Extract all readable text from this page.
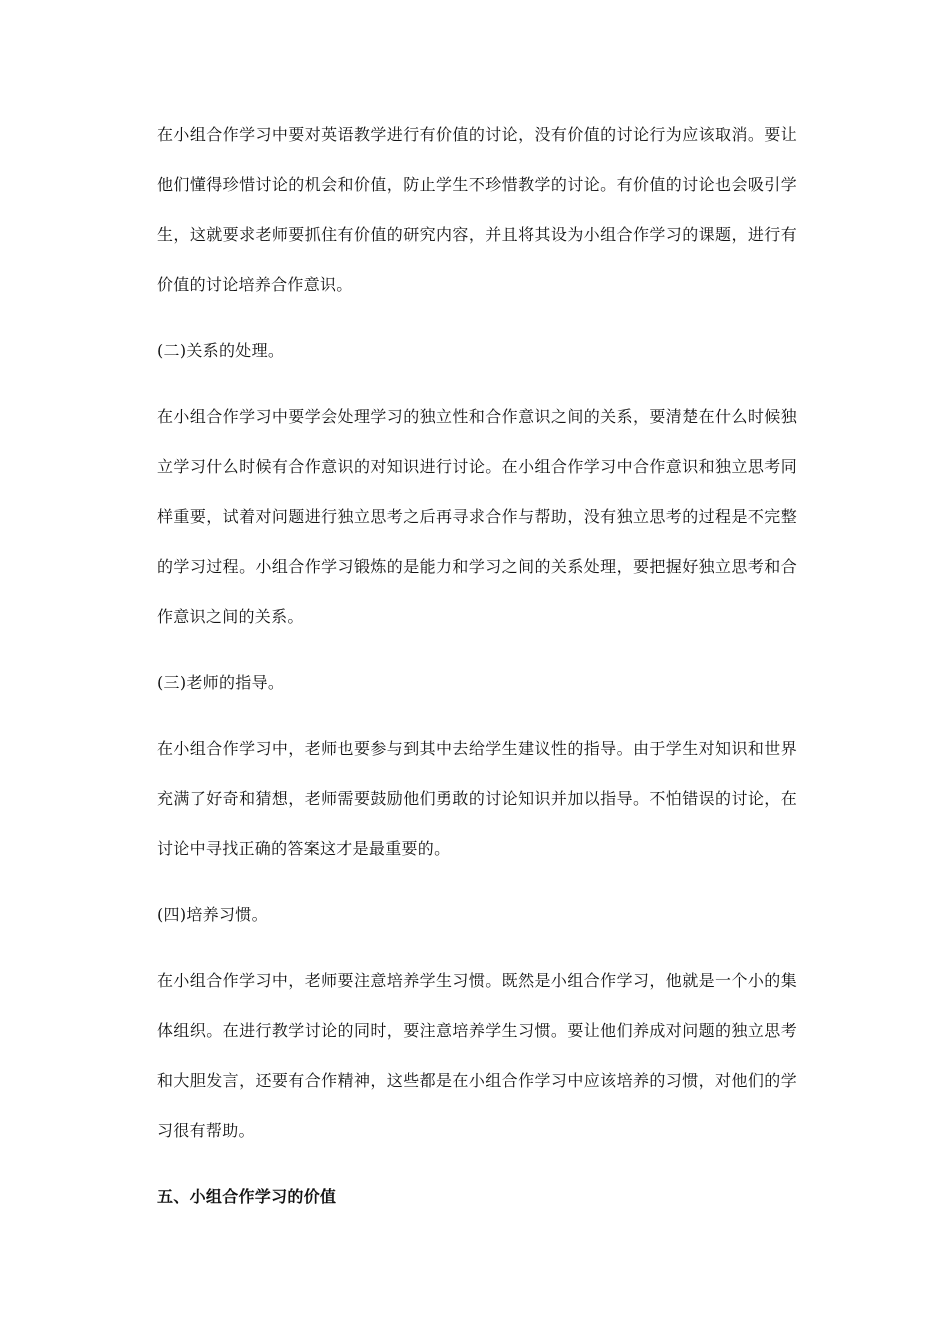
在小组合作学习中要对英语教学进行有价值的讨论，没有价值的讨论行为应该取消。要让他们懂得珍惜讨论的机会和价值，防止学生不珍惜教学的讨论。有价值的讨论也会吸引学生，这就要求老师要抓住有价值的研究内容，并且将其设为小组合作学习的课题，进行有价值的讨论培养合作意识。

(二)关系的处理。

在小组合作学习中要学会处理学习的独立性和合作意识之间的关系，要清楚在什么时候独立学习什么时候有合作意识的对知识进行讨论。在小组合作学习中合作意识和独立思考同样重要，试着对问题进行独立思考之后再寻求合作与帮助，没有独立思考的过程是不完整的学习过程。小组合作学习锻炼的是能力和学习之间的关系处理，要把握好独立思考和合作意识之间的关系。

(三)老师的指导。

在小组合作学习中，老师也要参与到其中去给学生建议性的指导。由于学生对知识和世界充满了好奇和猜想，老师需要鼓励他们勇敢的讨论知识并加以指导。不怕错误的讨论，在讨论中寻找正确的答案这才是最重要的。

(四)培养习惯。

在小组合作学习中，老师要注意培养学生习惯。既然是小组合作学习，他就是一个小的集体组织。在进行教学讨论的同时，要注意培养学生习惯。要让他们养成对问题的独立思考和大胆发言，还要有合作精神，这些都是在小组合作学习中应该培养的习惯，对他们的学习很有帮助。

五、小组合作学习的价值
